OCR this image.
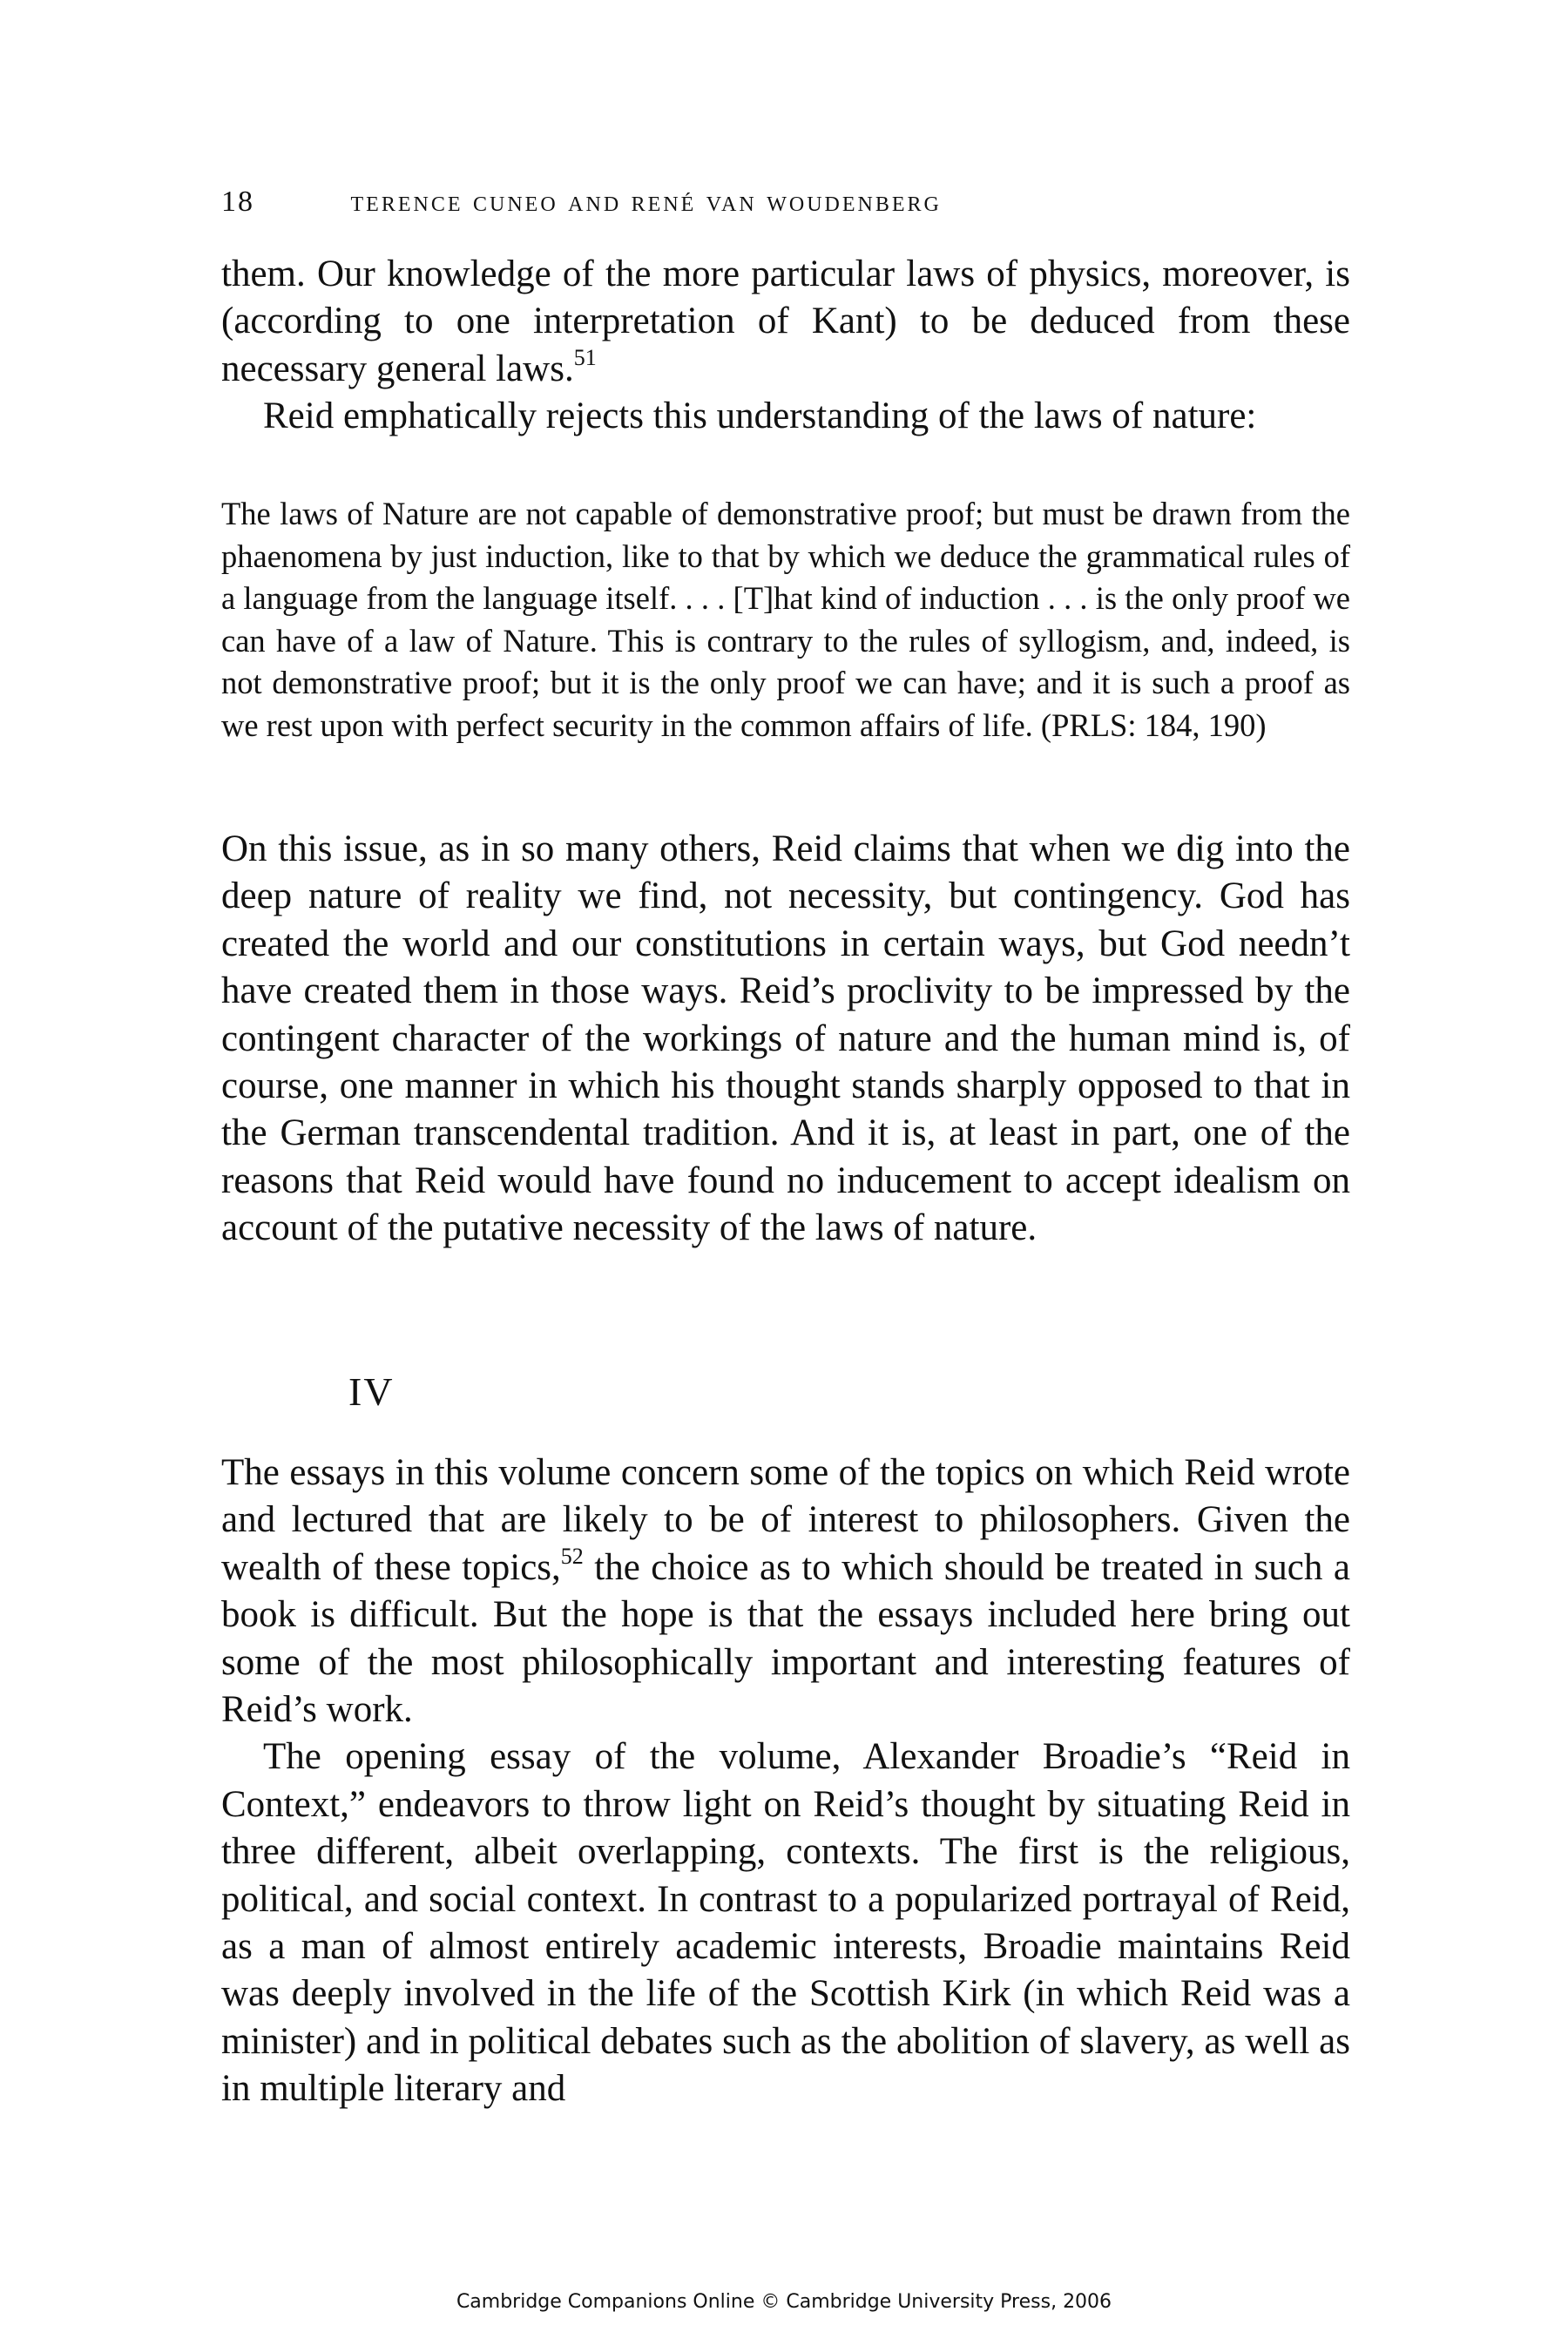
18	terence cuneo and rené van woudenberg

them. Our knowledge of the more particular laws of physics, moreover, is (according to one interpretation of Kant) to be deduced from these necessary general laws.$^{51}$

Reid emphatically rejects this understanding of the laws of nature:

The laws of Nature are not capable of demonstrative proof; but must be drawn from the phaenomena by just induction, like to that by which we deduce the grammatical rules of a language from the language itself. . . . [T]hat kind of induction . . . is the only proof we can have of a law of Nature. This is contrary to the rules of syllogism, and, indeed, is not demonstrative proof; but it is the only proof we can have; and it is such a proof as we rest upon with perfect security in the common affairs of life. (PRLS: 184, 190)

On this issue, as in so many others, Reid claims that when we dig into the deep nature of reality we find, not necessity, but contingency. God has created the world and our constitutions in certain ways, but God needn’t have created them in those ways. Reid’s proclivity to be impressed by the contingent character of the workings of nature and the human mind is, of course, one manner in which his thought stands sharply opposed to that in the German transcendental tradition. And it is, at least in part, one of the reasons that Reid would have found no inducement to accept idealism on account of the putative necessity of the laws of nature.

IV

The essays in this volume concern some of the topics on which Reid wrote and lectured that are likely to be of interest to philosophers. Given the wealth of these topics,$^{52}$ the choice as to which should be treated in such a book is difficult. But the hope is that the essays included here bring out some of the most philosophically important and interesting features of Reid’s work.

The opening essay of the volume, Alexander Broadie’s “Reid in Context,” endeavors to throw light on Reid’s thought by situating Reid in three different, albeit overlapping, contexts. The first is the religious, political, and social context. In contrast to a popularized portrayal of Reid, as a man of almost entirely academic interests, Broadie maintains Reid was deeply involved in the life of the Scottish Kirk (in which Reid was a minister) and in political debates such as the abolition of slavery, as well as in multiple literary and

Cambridge Companions Online © Cambridge University Press, 2006
